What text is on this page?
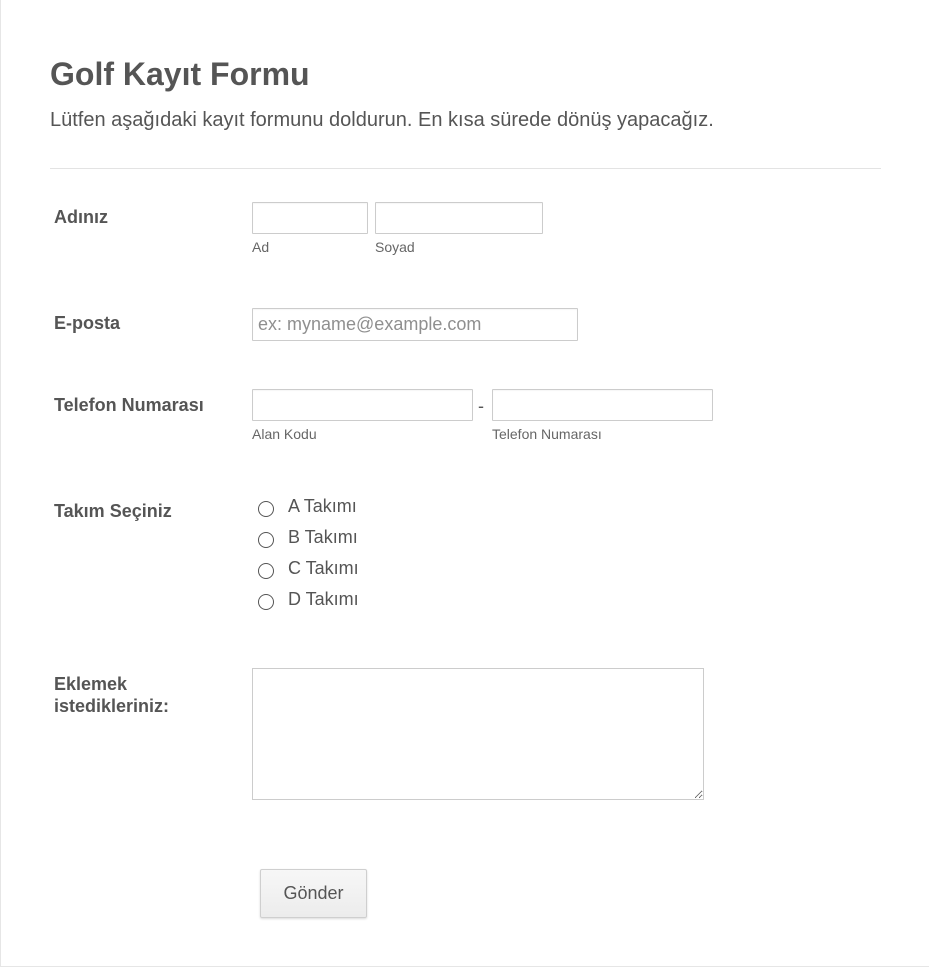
Golf Kayıt Formu

Lütfen aşağıdaki kayıt formunu doldurun. En kısa sürede dönüş yapacağız.

Adınız
Ad	Soyad
E-posta
ex: myname@example.com
Telefon Numarası	-
Alan Kodu	Telefon Numarası
Takım Seçiniz	A Takımı
B Takımı
C Takımı
D Takımı
Eklemek
istedikleriniz:
Gönder
